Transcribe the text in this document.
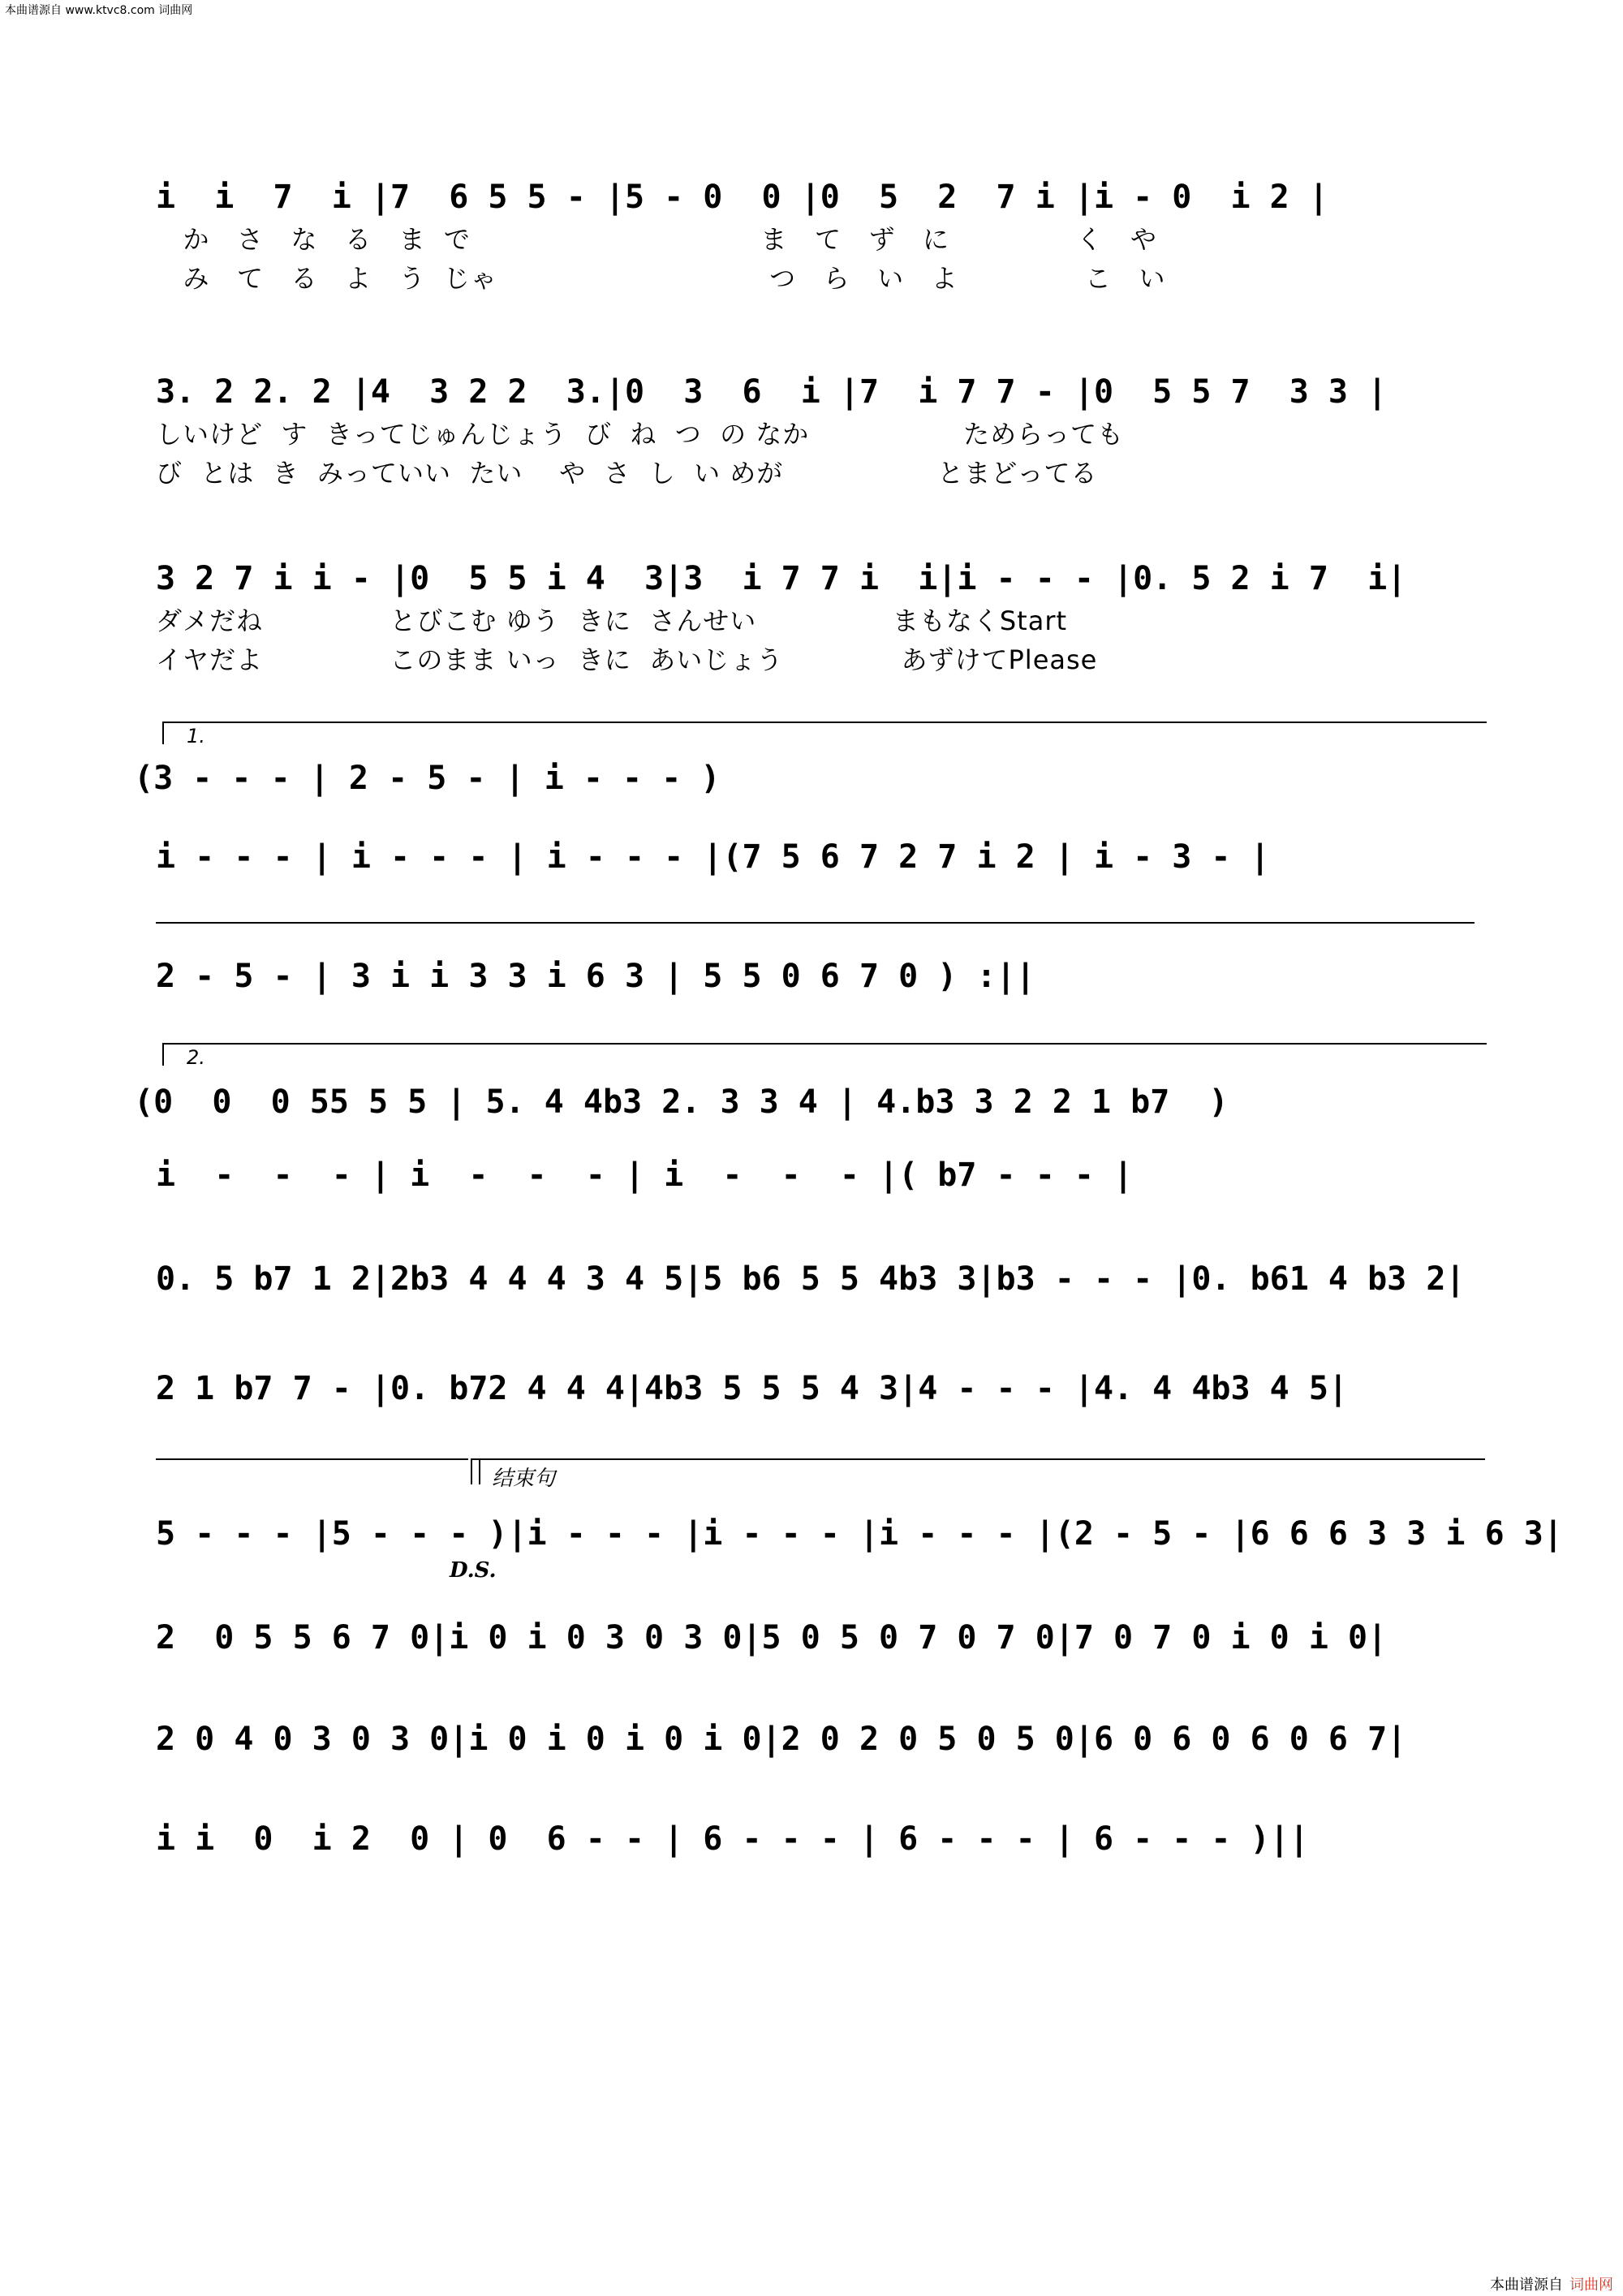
本曲谱源自 www.ktvc8.com 词曲网
i  i  7  i |7  6 5 5 - |5 - 0  0 |0  5  2  7 i |i - 0  i 2 |
か   さ   な   る   ま  で                                ま   て   ず   に              く   や
み   て   る   よ   う  じゃ                              つ   ら   い   よ              こ   い
3. 2 2. 2 |4  3 2 2  3.|0  3  6  i |7  i 7 7 - |0  5 5 7  3 3 |
しいけど  す  きってじゅんじょう  び  ね  つ  の なか                 ためらっても
び  とは  き  みっていい  たい    や  さ  し  い めが                 とまどってる
3 2 7 i i - |0  5 5 i 4  3|3  i 7 7 i  i|i - - - |0. 5 2 i 7  i|
ダメだね              とびこむ ゆう  きに  さんせい               まもなくStart
イヤだよ              このまま いっ  きに  あいじょう             あずけてPlease
1.
(3 - - - | 2 - 5 - | i - - - )
i - - - | i - - - | i - - - |(7 5 6 7 2 7 i 2 | i - 3 - |
2 - 5 - | 3 i i 3 3 i 6 3 | 5 5 0 6 7 0 ) :||
2.
(0  0  0 55 5 5 | 5. 4 4b3 2. 3 3 4 | 4.b3 3 2 2 1 b7  )
i  -  -  - | i  -  -  - | i  -  -  - |( b7 - - - |
0. 5 b7 1 2|2b3 4 4 4 3 4 5|5 b6 5 5 4b3 3|b3 - - - |0. b61 4 b3 2|
2 1 b7 7 - |0. b72 4 4 4|4b3 5 5 5 4 3|4 - - - |4. 4 4b3 4 5|
结束句
5 - - - |5 - - - )|i - - - |i - - - |i - - - |(2 - 5 - |6 6 6 3 3 i 6 3|
D.S.
2  0 5 5 6 7 0|i 0 i 0 3 0 3 0|5 0 5 0 7 0 7 0|7 0 7 0 i 0 i 0|
2 0 4 0 3 0 3 0|i 0 i 0 i 0 i 0|2 0 2 0 5 0 5 0|6 0 6 0 6 0 6 7|
i i  0  i 2  0 | 0  6 - - | 6 - - - | 6 - - - | 6 - - - )||
本曲谱源自 词曲网
